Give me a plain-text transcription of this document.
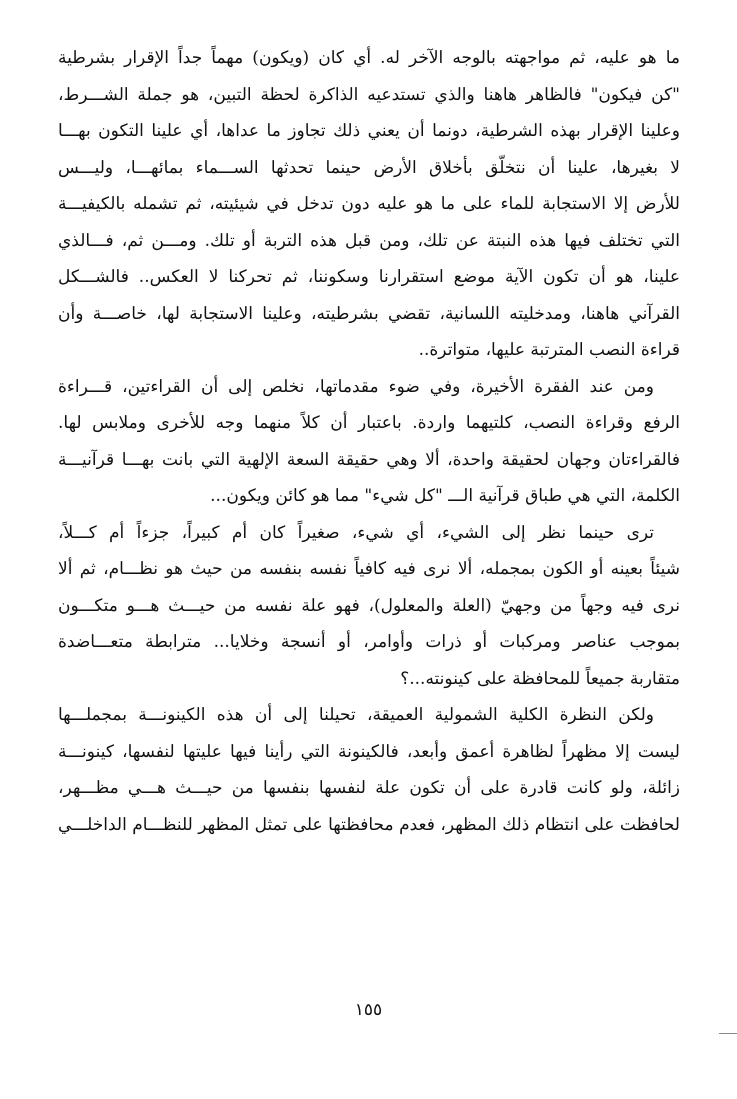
ما هو عليه، ثم مواجهته بالوجه الآخر له. أي كان (ويكون) مهماً جداً الإقرار بشرطية
"كن فيكون" فالظاهر هاهنا والذي تستدعيه الذاكرة لحظة التبين، هو جملة الشـــرط،
وعلينا الإقرار بهذه الشرطية، دونما أن يعني ذلك تجاوز ما عداها، أي علينا التكون بهـــا
لا بغيرها، علينا أن نتخلّق بأخلاق الأرض حينما تحدثها الســـماء بمائهـــا، وليـــس
للأرض إلا الاستجابة للماء على ما هو عليه دون تدخل في شيئيته، ثم تشمله بالكيفيـــة
التي تختلف فيها هذه النبتة عن تلك، ومن قبل هذه التربة أو تلك. ومـــن ثم، فـــالذي
علينا، هو أن تكون الآية موضع استقرارنا وسكوننا، ثم تحركنا لا العكس.. فالشـــكل
القرآني هاهنا، ومدخليته اللسانية، تقضي بشرطيته، وعلينا الاستجابة لها، خاصـــة وأن
قراءة النصب المترتبة عليها، متواترة..
ومن عند الفقرة الأخيرة، وفي ضوء مقدماتها، نخلص إلى أن القراءتين، قـــراءة
الرفع وقراءة النصب، كلتيهما واردة. باعتبار أن كلاً منهما وجه للأخرى وملابس لها.
فالقراءتان وجهان لحقيقة واحدة، ألا وهي حقيقة السعة الإلهية التي بانت بهـــا قرآنيـــة
الكلمة، التي هي طباق قرآنية الـــ "كل شيء" مما هو كائن ويكون...
ترى حينما نظر إلى الشيء، أي شيء، صغيراً كان أم كبيراً، جزءاً أم كـــلاً،
شيئاً بعينه أو الكون بمجمله، ألا نرى فيه كافياً نفسه بنفسه من حيث هو نظـــام، ثم ألا
نرى فيه وجهاً من وجهيّ (العلة والمعلول)، فهو علة نفسه من حيـــث هـــو متكـــون
بموجب عناصر ومركبات أو ذرات وأوامر، أو أنسجة وخلايا... مترابطة متعـــاضدة
متقاربة جميعاً للمحافظة على كينونته...؟
ولكن النظرة الكلية الشمولية العميقة، تحيلنا إلى أن هذه الكينونـــة بمجملـــها
ليست إلا مظهراً لظاهرة أعمق وأبعد، فالكينونة التي رأينا فيها عليتها لنفسها، كينونـــة
زائلة، ولو كانت قادرة على أن تكون علة لنفسها بنفسها من حيـــث هـــي مظـــهر،
لحافظت على انتظام ذلك المظهر، فعدم محافظتها على تمثل المظهر للنظـــام الداخلـــي
١٥٥
